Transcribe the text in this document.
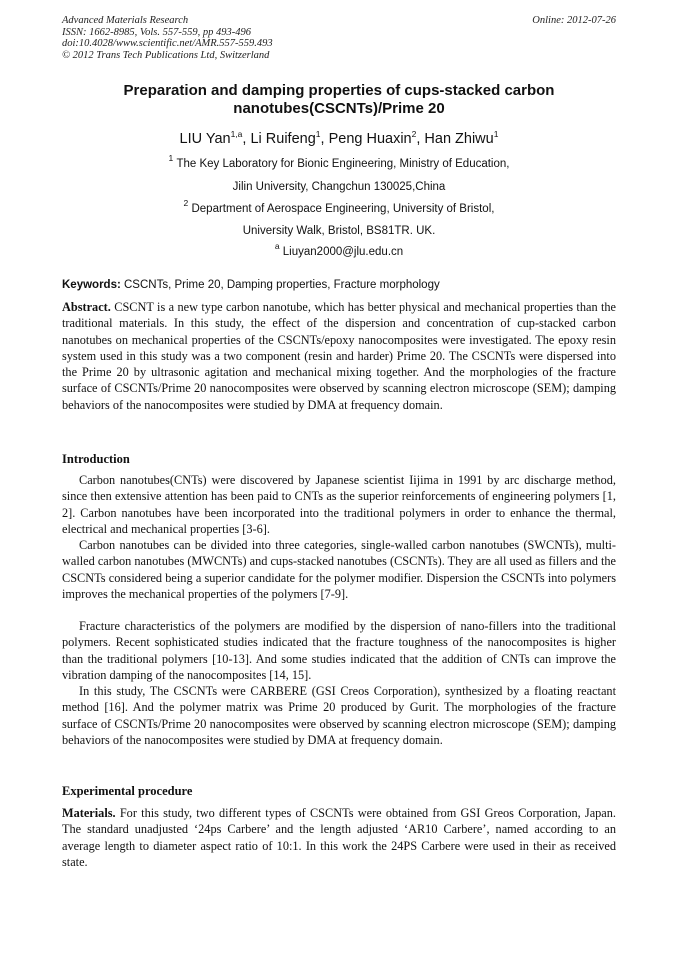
Advanced Materials Research
ISSN: 1662-8985, Vols. 557-559, pp 493-496
doi:10.4028/www.scientific.net/AMR.557-559.493
© 2012 Trans Tech Publications Ltd, Switzerland
Online: 2012-07-26
Preparation and damping properties of cups-stacked carbon
nanotubes(CSCNTs)/Prime 20
LIU Yan$^{1,a}$, Li Ruifeng$^1$, Peng Huaxin$^2$, Han Zhiwu$^1$
$^1$ The Key Laboratory for Bionic Engineering, Ministry of Education,
Jilin University, Changchun 130025,China
$^2$ Department of Aerospace Engineering, University of Bristol,
University Walk, Bristol, BS81TR. UK.
$^a$ Liuyan2000@jlu.edu.cn
Keywords: CSCNTs, Prime 20, Damping properties, Fracture morphology

Abstract. CSCNT is a new type carbon nanotube, which has better physical and mechanical properties than the traditional materials. In this study, the effect of the dispersion and concentration of cup-stacked carbon nanotubes on mechanical properties of the CSCNTs/epoxy nanocomposites were investigated. The epoxy resin system used in this study was a two component (resin and harder) Prime 20. The CSCNTs were dispersed into the Prime 20 by ultrasonic agitation and mechanical mixing together. And the morphologies of the fracture surface of CSCNTs/Prime 20 nanocomposites were observed by scanning electron microscope (SEM); damping behaviors of the nanocomposites were studied by DMA at frequency domain.

Introduction

Carbon nanotubes(CNTs) were discovered by Japanese scientist Iijima in 1991 by arc discharge method, since then extensive attention has been paid to CNTs as the superior reinforcements of engineering polymers [1, 2]. Carbon nanotubes have been incorporated into the traditional polymers in order to enhance the thermal, electrical and mechanical properties [3-6].

Carbon nanotubes can be divided into three categories, single-walled carbon nanotubes (SWCNTs), multi-walled carbon nanotubes (MWCNTs) and cups-stacked nanotubes (CSCNTs). They are all used as fillers and the CSCNTs considered being a superior candidate for the polymer modifier. Dispersion the CSCNTs into polymers improves the mechanical properties of the polymers [7-9].

Fracture characteristics of the polymers are modified by the dispersion of nano-fillers into the traditional polymers. Recent sophisticated studies indicated that the fracture toughness of the nanocomposites is higher than the traditional polymers [10-13]. And some studies indicated that the addition of CNTs can improve the vibration damping of the nanocomposites [14, 15].

In this study, The CSCNTs were CARBERE (GSI Creos Corporation), synthesized by a floating reactant method [16]. And the polymer matrix was Prime 20 produced by Gurit. The morphologies of the fracture surface of CSCNTs/Prime 20 nanocomposites were observed by scanning electron microscope (SEM); damping behaviors of the nanocomposites were studied by DMA at frequency domain.

Experimental procedure

Materials. For this study, two different types of CSCNTs were obtained from GSI Greos Corporation, Japan. The standard unadjusted ‘24ps Carbere’ and the length adjusted ‘AR10 Carbere’, named according to an average length to diameter aspect ratio of 10:1. In this work the 24PS Carbere were used in their as received state.
